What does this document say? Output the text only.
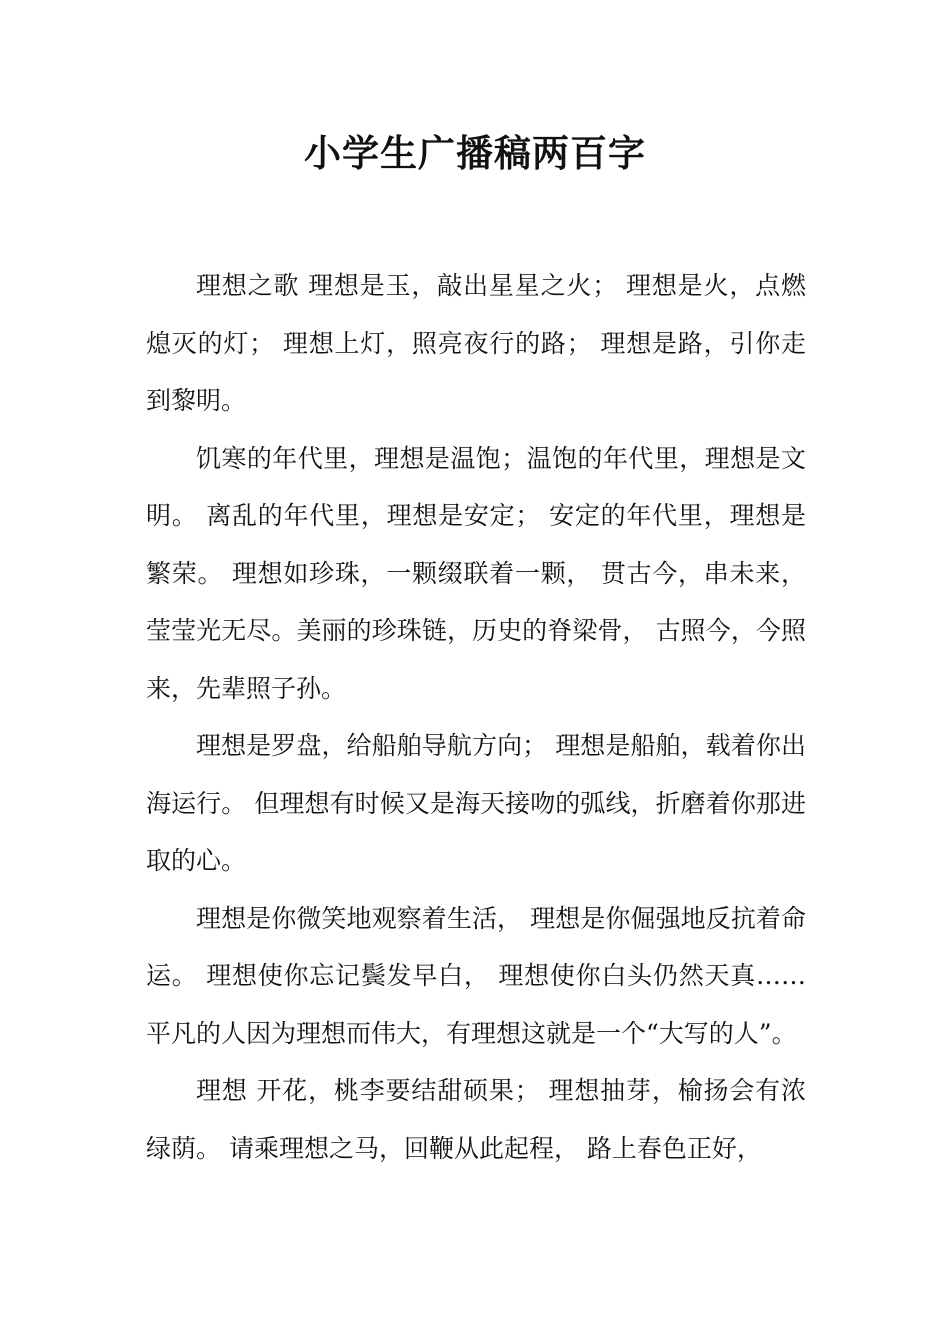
小学生广播稿两百字

理想之歌 理想是玉，敲出星星之火； 理想是火，点燃熄灭的灯； 理想上灯，照亮夜行的路； 理想是路，引你走到黎明。

饥寒的年代里，理想是温饱；温饱的年代里，理想是文明。 离乱的年代里，理想是安定； 安定的年代里，理想是繁荣。 理想如珍珠，一颗缀联着一颗， 贯古今，串未来，莹莹光无尽。美丽的珍珠链，历史的脊梁骨， 古照今，今照来，先辈照子孙。

理想是罗盘，给船舶导航方向； 理想是船舶，载着你出海运行。 但理想有时候又是海天接吻的弧线，折磨着你那进取的心。

理想是你微笑地观察着生活， 理想是你倔强地反抗着命运。 理想使你忘记鬓发早白， 理想使你白头仍然天真…… 平凡的人因为理想而伟大，有理想这就是一个“大写的人”。

理想 开花，桃李要结甜硕果； 理想抽芽，榆扬会有浓绿荫。 请乘理想之马，回鞭从此起程， 路上春色正好，
